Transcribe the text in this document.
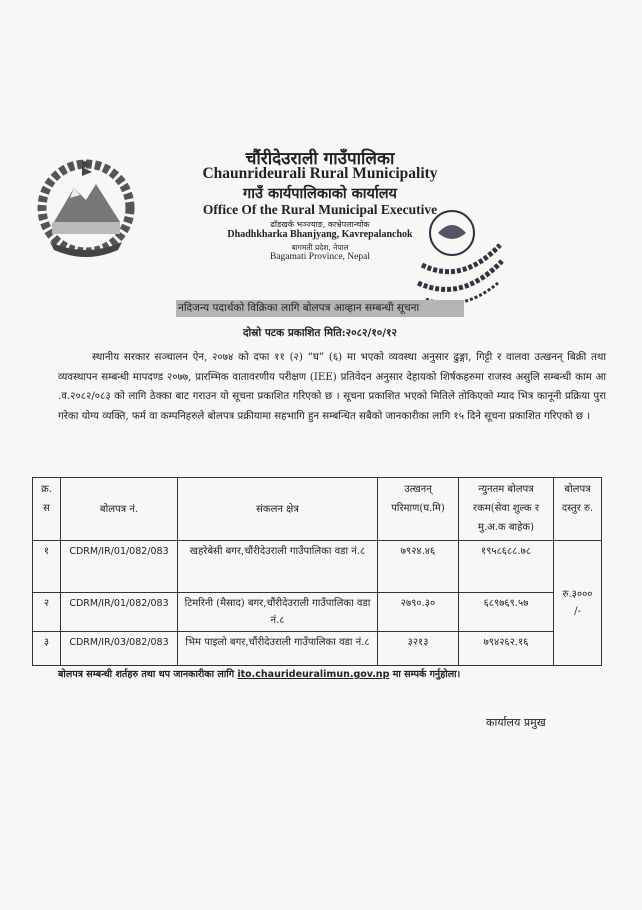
चौंरीदेउराली गाउँपालिका
Chaunrideurali Rural Municipality
गाउँ कार्यपालिकाको कार्यालय
Office Of the Rural Municipal Executive
ढाँडखर्क भञ्ज्याङ, काभ्रेपलान्चोक
Dhadhkharka Bhanjyang, Kavrepalanchok
बागमती प्रदेश, नेपाल
Bagamati Province, Nepal
नदिजन्य पदार्थको विक्रिका लागि बोलपत्र आव्हान सम्बन्धी सूचना
दोस्रो पटक प्रकाशित मिति:२०८२/१०/१२
स्थानीय सरकार सञ्चालन ऐन, २०७४ को दफा ११ (२) “घ” (६) मा भएको व्यवस्था अनुसार ढुङ्गा, गिट्टी र वालवा उत्खनन् बिक्री तथा व्यवस्थापन सम्बन्धी मापदण्ड २०७७, प्रारम्भिक वातावरणीय परीक्षण (IEE) प्रतिवेदन अनुसार देहायको शिर्षकहरुमा राजस्व असुलि सम्बन्धी काम आ .व.२०८२/०८३ को लागि ठेक्का बाट गराउन यो सूचना प्रकाशित गरिएको छ । सूचना प्रकाशित भएको मितिले तोकिएको म्याद भित्र कानूनी प्रक्रिया पुरा गरेका योग्य व्यक्ति, फर्म वा कम्पनिहरुले बोलपत्र प्रक्रीयामा सहभागि हुन सम्बन्धित सबैको जानकारीका लागि १५ दिने सूचना प्रकाशित गरिएको छ ।
क्र. स	बोलपत्र नं.	संकलन क्षेत्र	उत्खनन् परिमाण(घ.मि)	न्युनतम बोलपत्र रकम(सेवा शुल्क र मु.अ.क बाहेक)	बोलपत्र दस्तुर रु.
१	CDRM/IR/01/082/083	खहरेबेसी बगर,चौंरीदेउराली गाउँपालिका वडा नं.८	७९२४.४६	१९५८६८८.७८	रु.३००० /-
२	CDRM/IR/01/082/083	टिमरिनी (मैसाद) बगर,चौंरीदेउराली गाउँपालिका वडा नं.८	२७९०.३०	६८९७६९.५७	
३	CDRM/IR/03/082/083	भिम पाइलो बगर,चौंरीदेउराली गाउँपालिका वडा नं.८	३२१३	७९४२६२.१६	
बोलपत्र सम्बन्धी शर्तहरु तथा थप जानकारीका लागि ito.chaurideuralimun.gov.np मा सम्पर्क गर्नुहोला।
कार्यालय प्रमुख
